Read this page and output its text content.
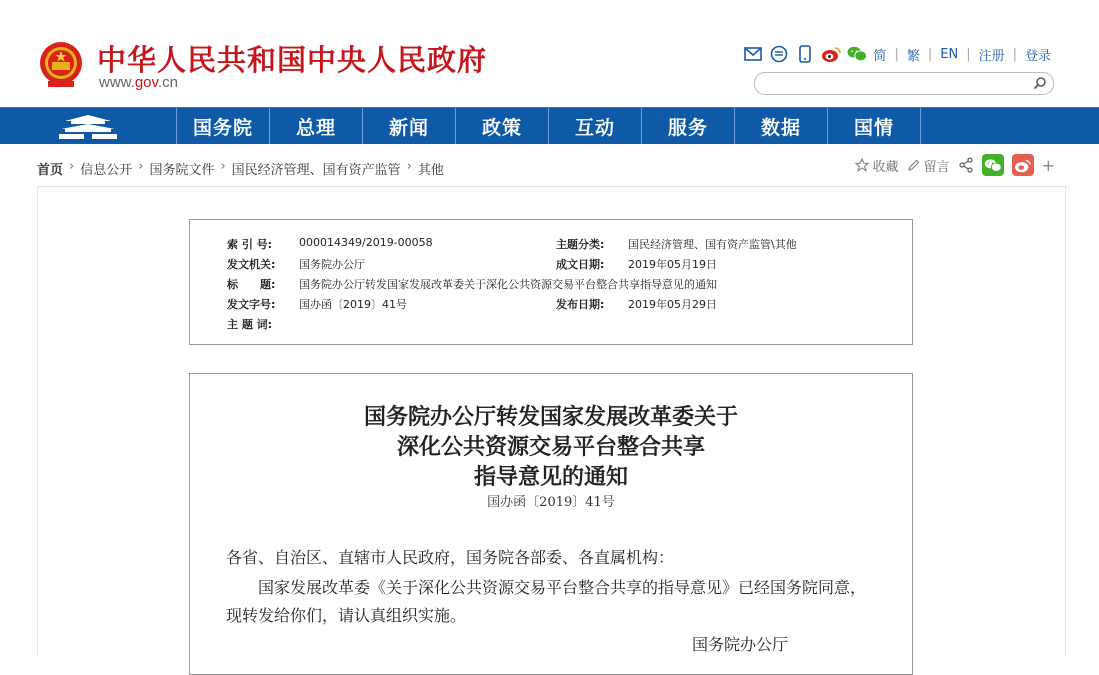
中华人民共和国中央人民政府
www.gov.cn
简 | 繁 | EN | 注册 | 登录
国务院	总理	新闻	政策	互动	服务	数据	国情
首页 › 信息公开 › 国务院文件 › 国民经济管理、国有资产监管 › 其他	收藏 留言	+
索 引 号:	000014349/2019-00058	主题分类:	国民经济管理、国有资产监管\其他
发文机关:	国务院办公厅	成文日期:	2019年05月19日
标　　题:	国务院办公厅转发国家发展改革委关于深化公共资源交易平台整合共享指导意见的通知
发文字号:	国办函〔2019〕41号	发布日期:	2019年05月29日
主 题 词:
国务院办公厅转发国家发展改革委关于
深化公共资源交易平台整合共享
指导意见的通知
国办函〔2019〕41号
各省、自治区、直辖市人民政府，国务院各部委、各直属机构：
国家发展改革委《关于深化公共资源交易平台整合共享的指导意见》已经国务院同意，
现转发给你们，请认真组织实施。
国务院办公厅
